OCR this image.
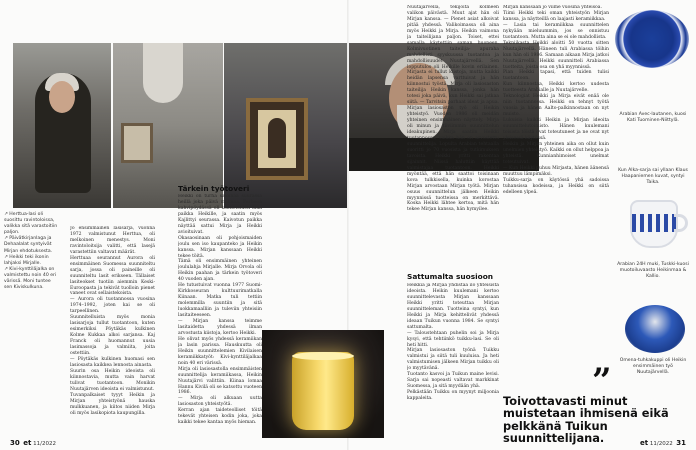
↗ Herttua-lasi oli suosittu ravintoloissa, valikka sitä varastoitiin paljon.
↗ Päivätkirjanlaga ja Dehaalalat syntyivät Mirjan ehdotuksesta.
↗ Heikki teki ikonin lahjaksi Mirjalle.
↗ Kivi-kynttiläjalka on valmistettu noin 40 eri värissä. Moni tuntee sen Kiviskulkuna.
Jo ensimmäinen lasisarja, vuonna 1972 valmistunut Herttua, oli melkoinen menestys. Moni ravintoloitsija valitti, että lasejä varastettiin valtavat määrät.
Herttuaa seurannut Aurora oli ensimmäinen Suomessa suunniteltu sarja, jossa oli paineille oli suunniteltu lasit erikseen. Tällaiset lasiteokset tuotiin aiemmin Keski-Euroopasta ja tekivät tuolloin pienet vaneet ovat sellaistekoista.
— Aurora oli tuotannossa vuosina 1974–1992, joten kai se oli tarpeellinen.
Suunnitelluista myös monia lasisarjoja tullut tuotantoon, kuten esimerkiksi Pöytäkäs kulkinen Kolme Kukkaa alkoi sarjansa. Kaj Franck oli huomannut uusia lasimassoja ja valmiita, joita ostettiin.
— Pöytäkäs kulkinen huomasi sen lasiosasta kaikkea lennosta ainasta.
Suurin osa Heikin ideoista oli kiinnostavia, mutta vain harvat tulivat tuotantoon. Monikin Nuutajärven ideoista ei valmistunut.
Tuvanpalkaiset tyyyt Heikin ja Mirjan yhteistyönä hauska mulkkuanen, ja kiitos niiden Mirja oli myös lasikopiota kaupungilla.
Tärkein työtoveri
Heikki on turha saloinaa suurassa heillä joka päivä malmaa. Perheen kahvipöydässä oli lasitieteiden aina paikka Heikille, ja saatin myös Kajlittyi seurassa. Kaivotun paikka näyttää sattui Mirja ja Heikki avioituivat.
Okasaosinaan oli pohjoismaiden joulu sen iso kaupanteko ja Heikin kanssa. Mirjan kanssaan Heikki tekee töitä.
Tämä oli ensimmäinen yhteinen joululahja Mirjalle. Mirja Orvola oli Heikin paahan ja tärkein työtoveri 40 vuoden ajan.
He tutustuivat vuonna 1977 Suomi-Kirkkoseuran kulttuurimatkalla Kiinaan. Matka tuli tettiin molemmilla suuntiin ja sitä luokkamaalliin ja tuleviin yhteisiin lasitaiteeseen.
— Mirjan kanssa teimme lasitaidetta yhdessä ilman arvostusta kiistoja, kertoo Heikki.
He olivat myös yhdessä keramiikan ja lasin parissa. Hauskuutta oli Heikin suunnittelemien Kivilaisen keramiikkatyöt: Kivi-kynttiläjalkaa noin 40 eri värissä.
Mirja oli lasiosastolla ensimmäisten suunnittelija keramiikassa, Heikin Nuutajärvi valittiin. Kiinaa lomaa Hannu Kivilä oli se katsottu vuoteen 1986.
— Mirja oli alkuaan uutta lasiosaston yhteistyötä.
Kerran ajan taideteolliset töitä tekevät yhteisen kodin joka, joka kaikki tekee kantaa myös hieman.
Nuutajärvellä, tekijöitä kolmeen valikon päivästä. Muut ajat hän oli Mirjan kanssa. — Pienet asiat alkoivat pitää yhdessä. Valikoimassa oli aina myös Heikki ja Mirja. Heikin vaimona ja taiteilijana paljon. Toiset, ettei samalla käytettiin saman huoneen. Kolmivuotinen taiteilija- apuraha mahdollisti syyskuussa tuotantoa ja mahdollisuudet Nuutajärvellä. Sen lopputulos oli Heikille kovin erilainen. Mirjasta ei tullut kiistoja, mutta kaikki heidän lapsensa varttuivat ja hän kiinnostui työstä. Mirja oli lasiosaston taiteilija Heikin kanssa, jonka hän totesi joka päivä, kun Heikki sai jatkaa siitä. — Tarvitsin parhaat ideat ja apua. Mirjan lasiosaston työ oli Heikin yhteistyö. Vuoden 1986 oli meidän yhteinen ensimmäinen näyttely. Mirja oli minun ja tiiviimmin suunnittelun ideakupinen. Mirja saatiin Heikki tuotannossa, vaikka hän on arvostettu suunnittelija. Lopulta Arabian tehtaalla suoritti jo 70 vuosista ja tutkimuksen tavoista. Heikki yritti rakentaa sijainnit. Niissä haluttiin käyttää valmistajaa tuotantoon. Heikki myöntää, että hän saattoi toisinaan kova tulkkisella, kuinka korostaa Mirjan arvostaan Mirjan työtä. Mirjan osuus suunnittelun jälkeen Heikin myynnissä tuotteissa on merkittävä. Koska Heikki lähtee kertoa, mitä hän tekee Mirjan kanssa, hän hymyilee.
Sattumalta suosioon
Heikkiä ja Mirjaa yhdistää ilo yhteisistä ideoista. Heikin kuulemani kertoo suunnittelevasta Mirjan kanssaan Heikki yritti toteuttaa Mirjan suunnitteleman. Tuotteina syntyi, kun Heikki ja Mirja kehittelivät yhdessä ideaan Tuikun vuonna 1984. Se syntyi sattumalta.
— Taloustehtaan puhelin soi ja Mirja kysyi, että tehtiinkö tuikku-lasi. Se oli heti hitti.
Mirjan lasiosaston työnä Tuikku valmistui ja siitä tuli kuuluisa. Ja heti valmistumisen jälkeen Mirjan tuikku oli jo myytävänä.
Tuotanto kasvoi ja Tuikun maine levisi. Sarja sai nopeasti valtavat markkinat Suomessa, ja sitä myydään yhä.
Pelkästään Tuikku on myynyt miljoonia kappaleita.
Mirjan kanssaan jo viime vuosina yhteisöä.
Tiimi Heikki teki oman yhteistyön Mirjan kanssa, ja näytteillä on laajasti keramiikkaa.
— Lasia tai keramiikkaa suunnittelen nykyään mieluummin, jos se onnistuu tuotantoon. Mutta aina se ei ole mahdollista.
Tekniikasta Heikki aloitti 50 vuotta sitten Nuutajärvellä. Häneen tuli Arabiassa töihin kun hän oli 1986. Samaan aikaan Mirja jatkoi Nuutajärvellä. Heikki suunnitteli Arabiassa tuotteita, joista osa on yhä myynnissä.
Pian Heikki tapasi, että tuiden tulisi tuotantoon.
Kun kiinnostaa, Heikki kertoo uudesta tuotteesta Arabialle ja Nuutajärvelle.
Teknologiat Heikki ja Mirja eivät enää ole niin tuotannossa. Heikki on tehnyt työtä vuosia ja hänen Aalto-palkinnostaan on nyt muisto.
Lukuisia kaikki Heikin ja Mirjan ideoita suunnittelutoimisto. Hänen kuulemani toisista töistä ovat toteutuneet ja ne ovat nyt yleisessä käytössä.
Heikin ja Mirjan yhteinen aika on ollut kuin unelmien yhteistyö. Kaikki on ollut helppoa ja yhteistä. Kunnianhimoiset unelmat toteutuivat.
— Kun Heikki puhuu Mirjasta, hänen äänensä muuttuu lämpimäksi.
Tuikku-sarja on käytössä yhä sadoissa tuhansissa kodeissa, ja Heikki on siitä edelleen ylpeä.
Arabian Avec-lautanen, kuosi Kati Tuominen-Niittylä.
Kun Alka-sarja sai yllaan Klaus Haapaniemen kuvat, syntyi Taika.
Arabian 24H muki, Tuskki-kuosi muotoiluvaasto Heikinmaa & Kallio.
Omena-tuhkakuppi oli Heikin ensimmäinen työ Nuutajärvellä.
”
Toivottavasti minut muistetaan ihmisenä eikä pelkkänä Tuikun suunnittelijana.
30 et 11/2022	et 11/2022 31
